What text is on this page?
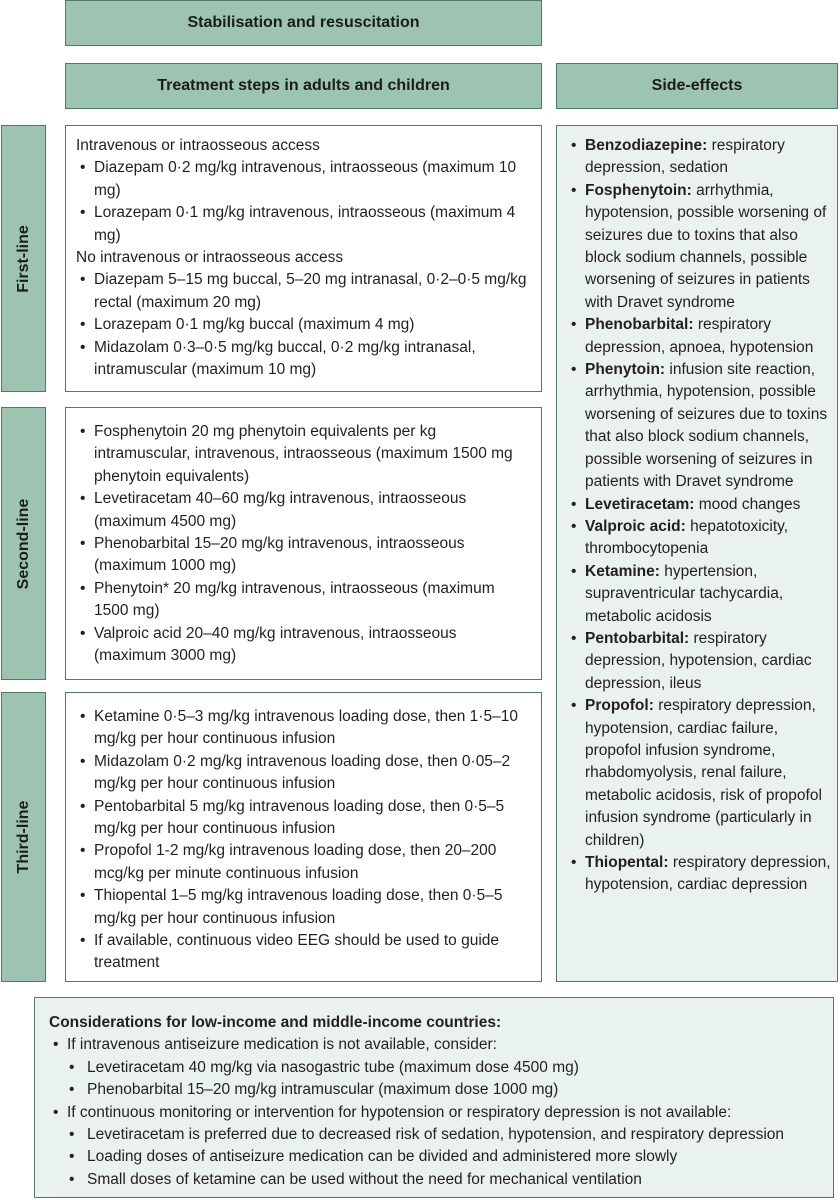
Stabilisation and resuscitation
Treatment steps in adults and children	Side-effects
First-line
Second-line
Third-line

Intravenous or intraosseous access

• Diazepam 0·2 mg/kg intravenous, intraosseous (maximum 10 mg)

• Lorazepam 0·1 mg/kg intravenous, intraosseous (maximum 4 mg)

No intravenous or intraosseous access

• Diazepam 5–15 mg buccal, 5–20 mg intranasal, 0·2–0·5 mg/kg rectal (maximum 20 mg)

• Lorazepam 0·1 mg/kg buccal (maximum 4 mg)

• Midazolam 0·3–0·5 mg/kg buccal, 0·2 mg/kg intranasal, intramuscular (maximum 10 mg)

• Fosphenytoin 20 mg phenytoin equivalents per kg intramuscular, intravenous, intraosseous (maximum 1500 mg phenytoin equivalents)

• Levetiracetam 40–60 mg/kg intravenous, intraosseous (maximum 4500 mg)

• Phenobarbital 15–20 mg/kg intravenous, intraosseous (maximum 1000 mg)

• Phenytoin* 20 mg/kg intravenous, intraosseous (maximum 1500 mg)

• Valproic acid 20–40 mg/kg intravenous, intraosseous (maximum 3000 mg)

• Ketamine 0·5–3 mg/kg intravenous loading dose, then 1·5–10 mg/kg per hour continuous infusion

• Midazolam 0·2 mg/kg intravenous loading dose, then 0·05–2 mg/kg per hour continuous infusion

• Pentobarbital 5 mg/kg intravenous loading dose, then 0·5–5 mg/kg per hour continuous infusion

• Propofol 1-2 mg/kg intravenous loading dose, then 20–200 mcg/kg per minute continuous infusion

• Thiopental 1–5 mg/kg intravenous loading dose, then 0·5–5 mg/kg per hour continuous infusion

• If available, continuous video EEG should be used to guide treatment

• Benzodiazepine: respiratory depression, sedation

• Fosphenytoin: arrhythmia, hypotension, possible worsening of seizures due to toxins that also block sodium channels, possible worsening of seizures in patients with Dravet syndrome

• Phenobarbital: respiratory depression, apnoea, hypotension

• Phenytoin: infusion site reaction, arrhythmia, hypotension, possible worsening of seizures due to toxins that also block sodium channels, possible worsening of seizures in patients with Dravet syndrome

• Levetiracetam: mood changes

• Valproic acid: hepatotoxicity, thrombocytopenia

• Ketamine: hypertension, supraventricular tachycardia, metabolic acidosis

• Pentobarbital: respiratory depression, hypotension, cardiac depression, ileus

• Propofol: respiratory depression, hypotension, cardiac failure, propofol infusion syndrome, rhabdomyolysis, renal failure, metabolic acidosis, risk of propofol infusion syndrome (particularly in children)

• Thiopental: respiratory depression, hypotension, cardiac depression

Considerations for low-income and middle-income countries:

• If intravenous antiseizure medication is not available, consider:

• Levetiracetam 40 mg/kg via nasogastric tube (maximum dose 4500 mg)

• Phenobarbital 15–20 mg/kg intramuscular (maximum dose 1000 mg)

• If continuous monitoring or intervention for hypotension or respiratory depression is not available:

• Levetiracetam is preferred due to decreased risk of sedation, hypotension, and respiratory depression

• Loading doses of antiseizure medication can be divided and administered more slowly

• Small doses of ketamine can be used without the need for mechanical ventilation
